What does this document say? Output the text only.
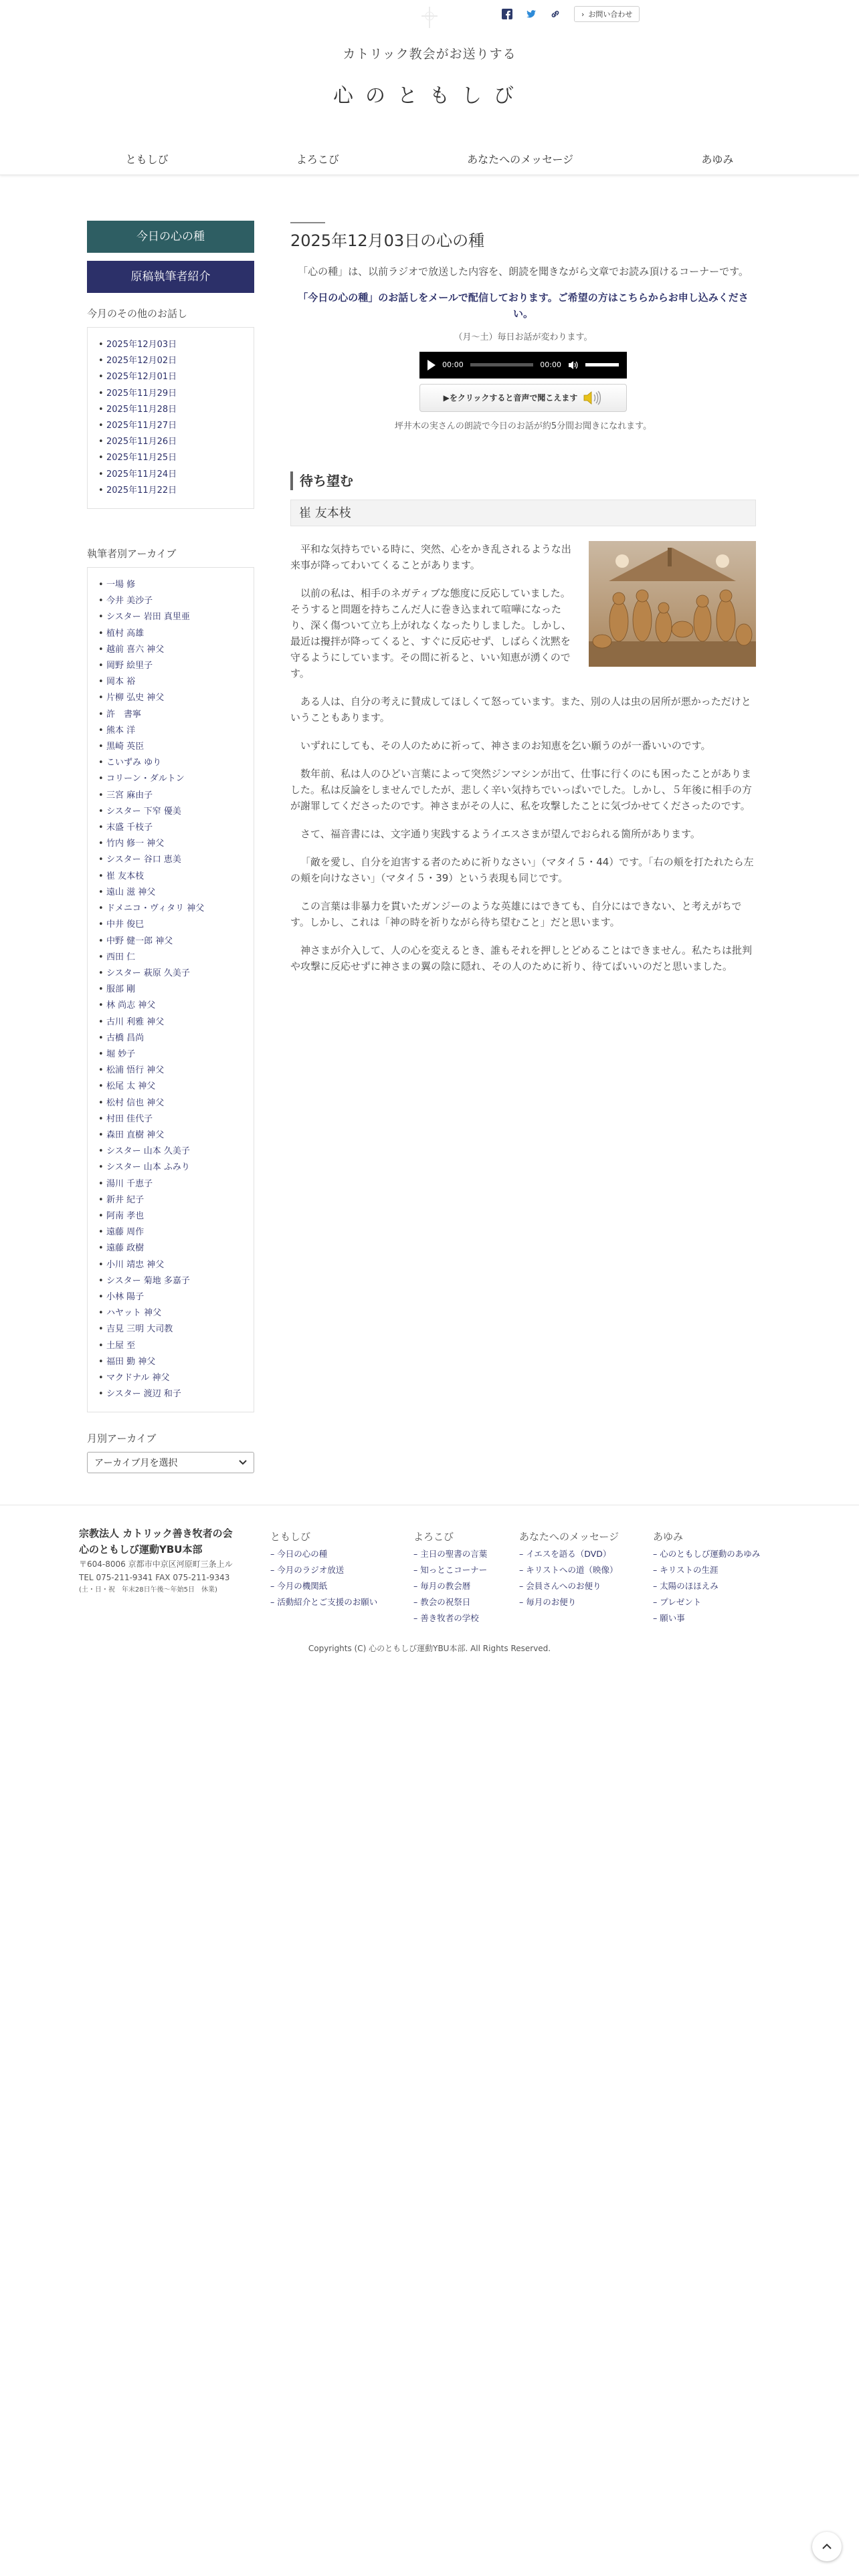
› お問い合わせ
カトリック教会がお送りする
心のともしび
ともしび	よろこび	あなたへのメッセージ	あゆみ
今日の心の種
原稿執筆者紹介
今月のその他のお話し
• 2025年12月03日
• 2025年12月02日
• 2025年12月01日
• 2025年11月29日
• 2025年11月28日
• 2025年11月27日
• 2025年11月26日
• 2025年11月25日
• 2025年11月24日
• 2025年11月22日
執筆者別アーカイブ
• 一場 修
• 今井 美沙子
• シスター 岩田 真里亜
• 植村 高雄
• 越前 喜六 神父
• 岡野 絵里子
• 岡本 裕
• 片柳 弘史 神父
• 許　書寧
• 熊本 洋
• 黒崎 英臣
• こいずみ ゆり
• コリーン・ダルトン
• 三宮 麻由子
• シスター 下窄 優美
• 末盛 千枝子
• 竹内 修一 神父
• シスター 谷口 恵美
• 崔 友本枝
• 遠山 滋 神父
• ドメニコ・ヴィタリ 神父
• 中井 俊巳
• 中野 健一郎 神父
• 西田 仁
• シスター 萩原 久美子
• 服部 剛
• 林 尚志 神父
• 古川 利雅 神父
• 古橋 昌尚
• 堀 妙子
• 松浦 悟行 神父
• 松尾 太 神父
• 松村 信也 神父
• 村田 佳代子
• 森田 直樹 神父
• シスター 山本 久美子
• シスター 山本 ふみり
• 湯川 千恵子
• 新井 紀子
• 阿南 孝也
• 遠藤 周作
• 遠藤 政樹
• 小川 靖忠 神父
• シスター 菊地 多嘉子
• 小林 陽子
• ハヤット 神父
• 吉見 三明 大司教
• 土屋 至
• 福田 勤 神父
• マクドナル 神父
• シスター 渡辺 和子
月別アーカイブ
アーカイブ月を選択
2025年12月03日の心の種

「心の種」は、以前ラジオで放送した内容を、朗読を聞きながら文章でお読み頂けるコーナーです。

「今日の心の種」のお話しをメールで配信しております。ご希望の方はこちらからお申し込みください。

（月〜土）毎日お話が変わります。

00:00	00:00
▶をクリックすると音声で聞こえます

坪井木の実さんの朗読で今日のお話が約5分間お聞きになれます。

待ち望む
崔 友本枝

平和な気持ちでいる時に、突然、心をかき乱されるような出来事が降ってわいてくることがあります。

以前の私は、相手のネガティブな態度に反応していました。そうすると問題を持ちこんだ人に巻き込まれて喧嘩になったり、深く傷ついて立ち上がれなくなったりしました。しかし、最近は攪拌が降ってくると、すぐに反応せず、しばらく沈黙を守るようにしています。その間に祈ると、いい知恵が湧くのです。

ある人は、自分の考えに賛成してほしくて怒っています。また、別の人は虫の居所が悪かっただけということもあります。

いずれにしても、その人のために祈って、神さまのお知恵を乞い願うのが一番いいのです。

数年前、私は人のひどい言葉によって突然ジンマシンが出て、仕事に行くのにも困ったことがありました。私は反論をしませんでしたが、悲しく辛い気持ちでいっぱいでした。しかし、５年後に相手の方が謝罪してくださったのです。神さまがその人に、私を攻撃したことに気づかせてくださったのです。

さて、福音書には、文字通り実践するようイエスさまが望んでおられる箇所があります。

「敵を愛し、自分を迫害する者のために祈りなさい」（マタイ５・44）です。「右の頬を打たれたら左の頬を向けなさい」（マタイ５・39）という表現も同じです。

この言葉は非暴力を貫いたガンジーのような英雄にはできても、自分にはできない、と考えがちです。しかし、これは「神の時を祈りながら待ち望むこと」だと思います。

神さまが介入して、人の心を変えるとき、誰もそれを押しとどめることはできません。私たちは批判や攻撃に反応せずに神さまの翼の陰に隠れ、その人のために祈り、待てばいいのだと思いました。

宗教法人 カトリック善き牧者の会
心のともしび運動YBU本部
〒604-8006 京都市中京区河原町三条上ル
TEL 075-211-9341 FAX 075-211-9343
(土・日・祝　年末28日午後〜年始5日　休業)
ともしび
– 今日の心の種
– 今月のラジオ放送
– 今月の機関紙
– 活動紹介とご支援のお願い
よろこび
– 主日の聖書の言葉
– 知っとこコーナー
– 毎月の教会暦
– 教会の祝祭日
– 善き牧者の学校
あなたへのメッセージ
– イエスを語る（DVD）
– キリストへの道（映像）
– 会員さんへのお便り
– 毎月のお便り
あゆみ
– 心のともしび運動のあゆみ
– キリストの生涯
– 太陽のほほえみ
– プレゼント
– 願い事
Copyrights (C) 心のともしび運動YBU本部. All Rights Reserved.
